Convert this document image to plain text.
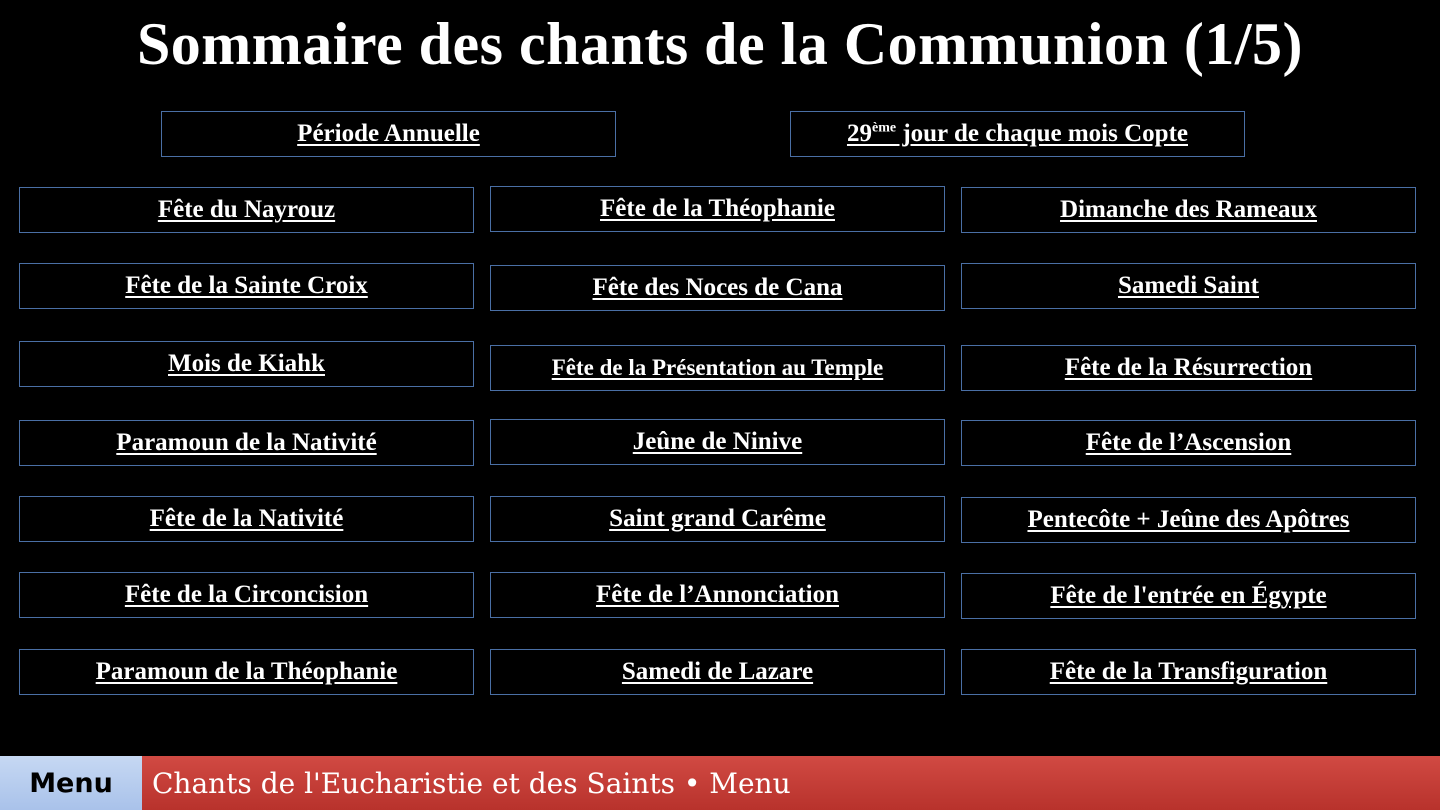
Sommaire des chants de la Communion (1/5)
Période Annuelle	29ème jour de chaque mois Copte
Fête du Nayrouz
Fête de la Sainte Croix
Mois de Kiahk
Paramoun de la Nativité
Fête de la Nativité
Fête de la Circoncision
Paramoun de la Théophanie
Fête de la Théophanie
Fête des Noces de Cana
Fête de la Présentation au Temple
Jeûne de Ninive
Saint grand Carême
Fête de l’Annonciation
Samedi de Lazare
Dimanche des Rameaux
Samedi Saint
Fête de la Résurrection
Fête de l’Ascension
Pentecôte + Jeûne des Apôtres
Fête de l'entrée en Égypte
Fête de la Transfiguration
Menu	Chants de l'Eucharistie et des Saints • Menu
